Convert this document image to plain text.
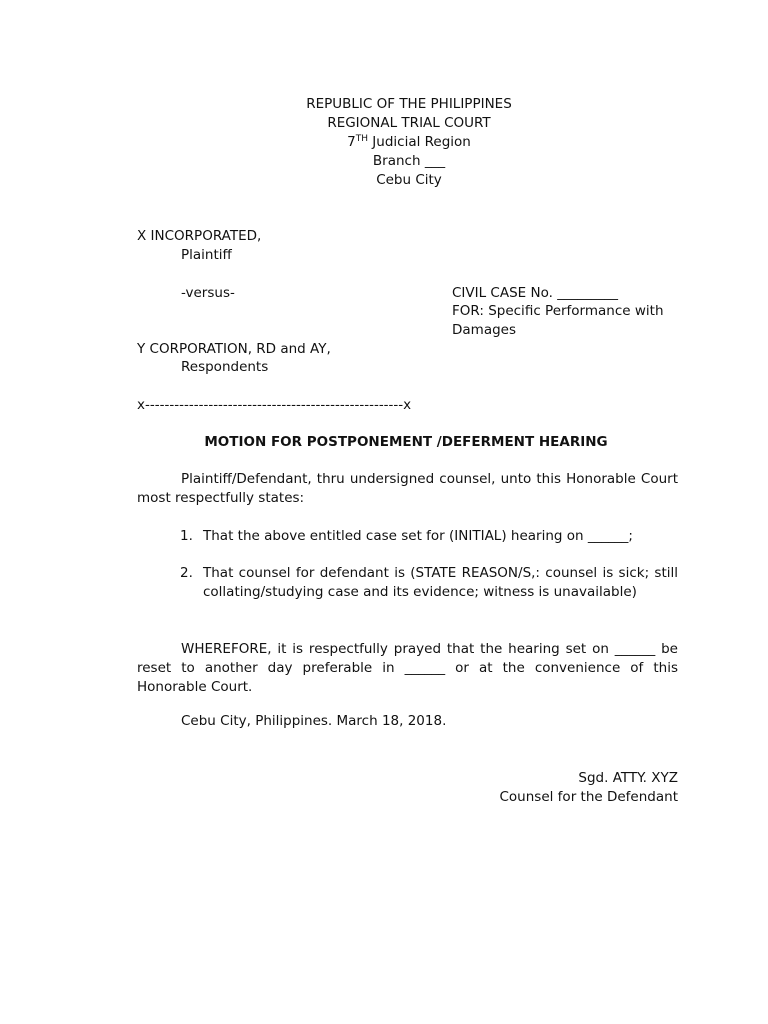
REPUBLIC OF THE PHILIPPINES
REGIONAL TRIAL COURT
7TH Judicial Region
Branch ___
Cebu City
X INCORPORATED,
Plaintiff
-versus-	CIVIL CASE No. _________
FOR: Specific Performance with
Damages
Y CORPORATION, RD and AY,
Respondents
x-----------------------------------------------------x
MOTION FOR POSTPONEMENT /DEFERMENT HEARING
Plaintiff/Defendant, thru undersigned counsel, unto this Honorable Court most respectfully states:
1. That the above entitled case set for (INITIAL) hearing on ______;
2. That counsel for defendant is (STATE REASON/S,: counsel is sick; still collating/studying case and its evidence; witness is unavailable)
WHEREFORE, it is respectfully prayed that the hearing set on ______ be reset to another day preferable in ______ or at the convenience of this Honorable Court.
Cebu City, Philippines. March 18, 2018.
Sgd. ATTY. XYZ
Counsel for the Defendant
